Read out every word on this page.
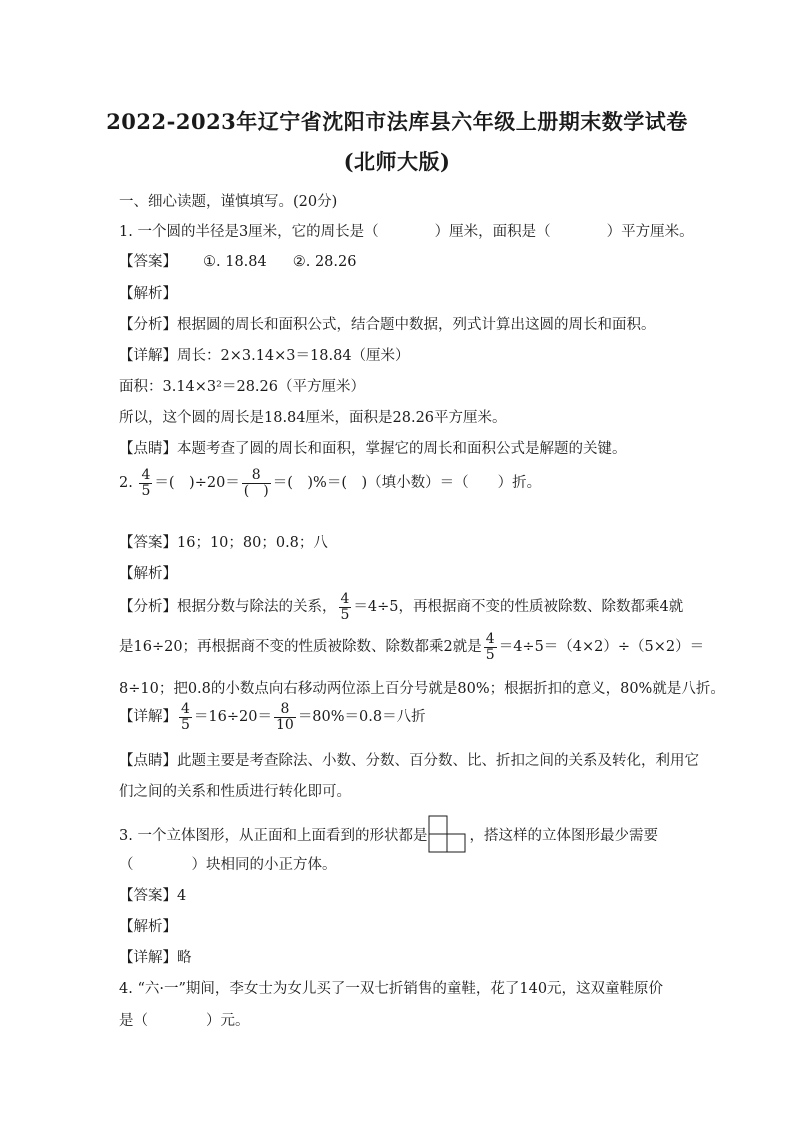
2022-2023年辽宁省沈阳市法库县六年级上册期末数学试卷
(北师大版)
一、细心读题，谨慎填写。(20分)
1. 一个圆的半径是3厘米，它的周长是（	）厘米，面积是（	）平方厘米。
【答案】 ①. 18.84 ②. 28.26
【解析】
【分析】根据圆的周长和面积公式，结合题中数据，列式计算出这圆的周长和面积。
【详解】周长：2×3.14×3＝18.84（厘米）
面积：3.14×3²＝28.26（平方厘米）
所以，这个圆的周长是18.84厘米，面积是28.26平方厘米。
【点睛】本题考查了圆的周长和面积，掌握它的周长和面积公式是解题的关键。
2. $\frac{4}{5}$ ＝(　)$\div 20= \frac{8}{( )}$ ＝(　)%＝(　)（填小数）＝（　　）折。
【答案】16；10；80；0.8；八
【解析】
【分析】根据分数与除法的关系， $\frac{4}{5} =4\div 5$，再根据商不变的性质被除数、除数都乘4就
是16÷20；再根据商不变的性质被除数、除数都乘2就是 $\frac{4}{5} =4\div 5=(4\times 2)\div(5\times 2)=$
8÷10；把0.8的小数点向右移动两位添上百分号就是80%；根据折扣的意义，80%就是八折。
【详解】 $\frac{4}{5} =16\div 20= \frac{8}{10} =80\%=0.8=$八折
【点睛】此题主要是考查除法、小数、分数、百分数、比、折扣之间的关系及转化，利用它
们之间的关系和性质进行转化即可。
3. 一个立体图形，从正面和上面看到的形状都是	，搭这样的立体图形最少需要
（　　　　）块相同的小正方体。
【答案】4
【解析】
【详解】略
4. “六·一”期间，李女士为女儿买了一双七折销售的童鞋，花了140元，这双童鞋原价
是（　　　　）元。
